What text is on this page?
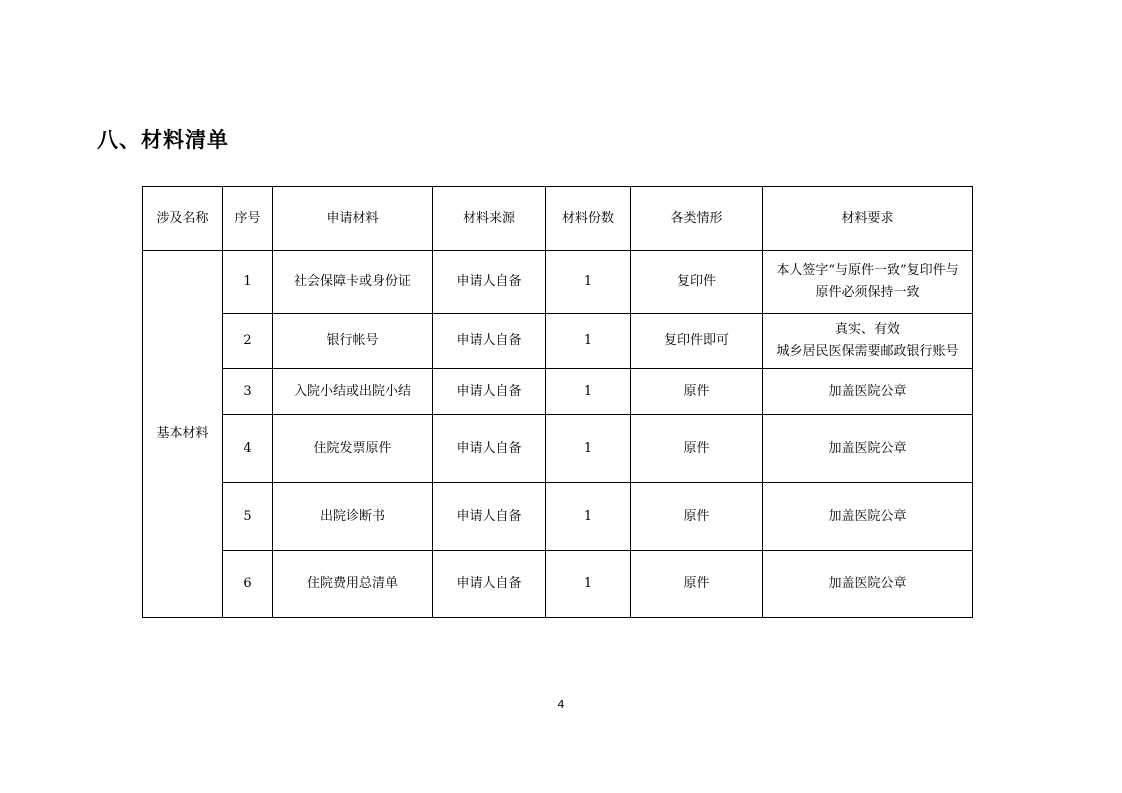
八、材料清单
涉及名称	序号	申请材料	材料来源	材料份数	各类情形	材料要求
基本材料	1	社会保障卡或身份证	申请人自备	1	复印件	本人签字“与原件一致”复印件与
原件必须保持一致

	2	银行帐号	申请人自备	1	复印件即可	真实、有效
城乡居民医保需要邮政银行账号

	3	入院小结或出院小结	申请人自备	1	原件	加盖医院公章
	4	住院发票原件	申请人自备	1	原件	加盖医院公章
	5	出院诊断书	申请人自备	1	原件	加盖医院公章
	6	住院费用总清单	申请人自备	1	原件	加盖医院公章
4
